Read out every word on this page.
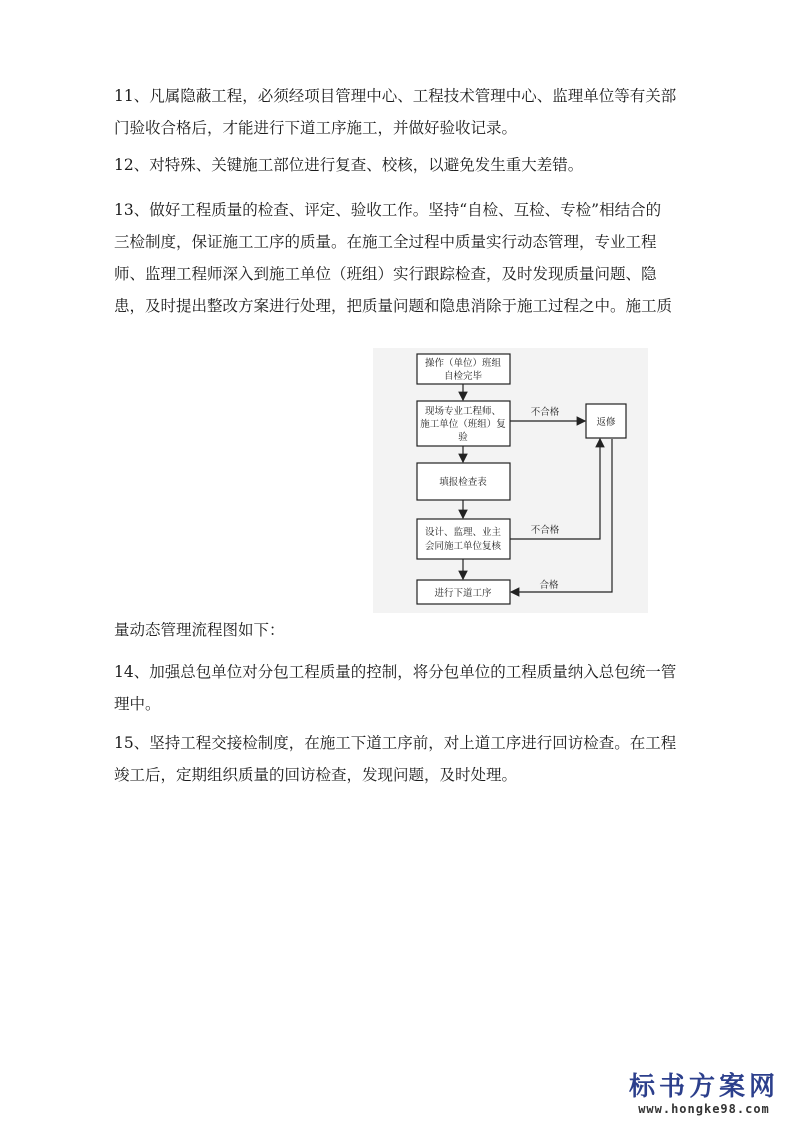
11、凡属隐蔽工程，必须经项目管理中心、工程技术管理中心、监理单位等有关部
门验收合格后，才能进行下道工序施工，并做好验收记录。
12、对特殊、关键施工部位进行复查、校核，以避免发生重大差错。
13、做好工程质量的检查、评定、验收工作。坚持“自检、互检、专检”相结合的
三检制度，保证施工工序的质量。在施工全过程中质量实行动态管理，专业工程
师、监理工程师深入到施工单位（班组）实行跟踪检查，及时发现质量问题、隐
患，及时提出整改方案进行处理，把质量问题和隐患消除于施工过程之中。施工质
操作（单位）班组
自检完毕
现场专业工程师、
施工单位（班组）复
验
填报检查表
设计、监理、业主
会同施工单位复核
进行下道工序
返修
不合格
不合格
合格
量动态管理流程图如下：
14、加强总包单位对分包工程质量的控制，将分包单位的工程质量纳入总包统一管
理中。
15、坚持工程交接检制度，在施工下道工序前，对上道工序进行回访检查。在工程
竣工后，定期组织质量的回访检查，发现问题，及时处理。
标书方案网
www.hongke98.com
